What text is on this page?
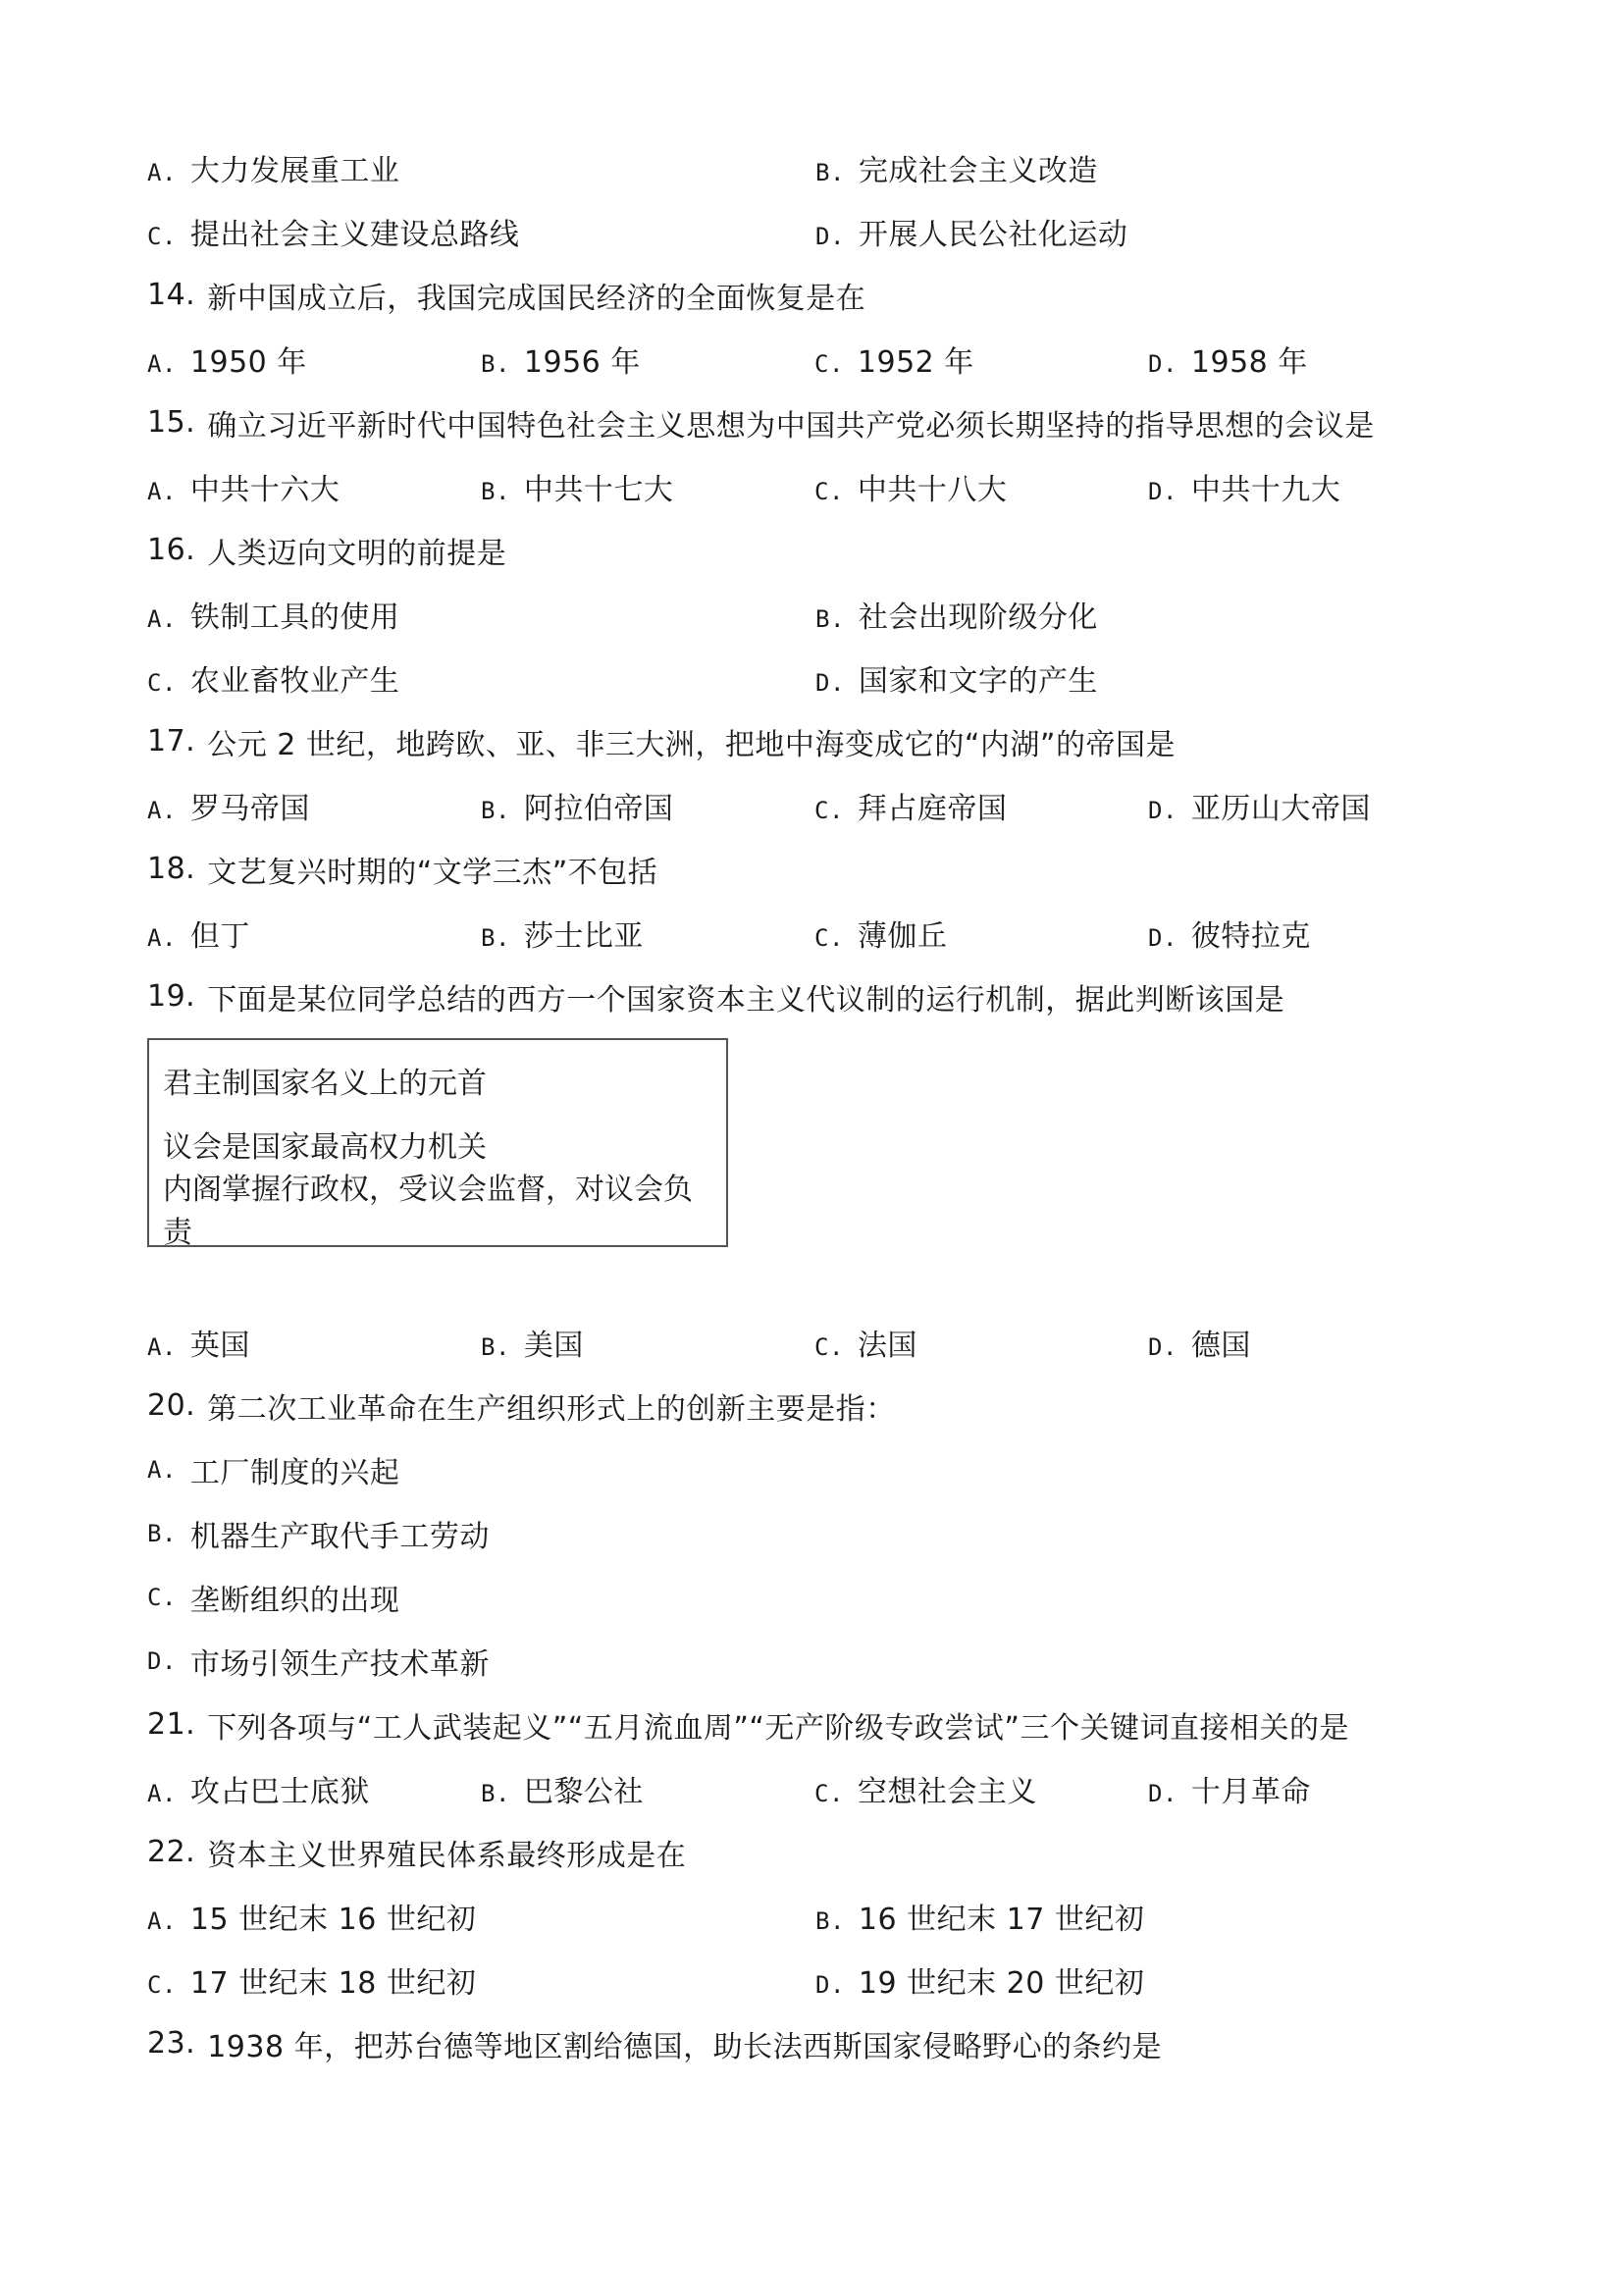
A. 大力发展重工业	B. 完成社会主义改造
C. 提出社会主义建设总路线	D. 开展人民公社化运动
14. 新中国成立后，我国完成国民经济的全面恢复是在
A. 1950 年	B. 1956 年	C. 1952 年	D. 1958 年
15. 确立习近平新时代中国特色社会主义思想为中国共产党必须长期坚持的指导思想的会议是
A. 中共十六大	B. 中共十七大	C. 中共十八大	D. 中共十九大
16. 人类迈向文明的前提是
A. 铁制工具的使用	B. 社会出现阶级分化
C. 农业畜牧业产生	D. 国家和文字的产生
17. 公元 2 世纪，地跨欧、亚、非三大洲，把地中海变成它的“内湖”的帝国是
A. 罗马帝国	B. 阿拉伯帝国	C. 拜占庭帝国	D. 亚历山大帝国
18. 文艺复兴时期的“文学三杰”不包括
A. 但丁	B. 莎士比亚	C. 薄伽丘	D. 彼特拉克
19. 下面是某位同学总结的西方一个国家资本主义代议制的运行机制，据此判断该国是
君主制国家名义上的元首
议会是国家最高权力机关
内阁掌握行政权，受议会监督，对议会负责
A. 英国	B. 美国	C. 法国	D. 德国
20. 第二次工业革命在生产组织形式上的创新主要是指：
A. 工厂制度的兴起
B. 机器生产取代手工劳动
C. 垄断组织的出现
D. 市场引领生产技术革新
21. 下列各项与“工人武装起义”“五月流血周”“无产阶级专政尝试”三个关键词直接相关的是
A. 攻占巴士底狱	B. 巴黎公社	C. 空想社会主义	D. 十月革命
22. 资本主义世界殖民体系最终形成是在
A. 15 世纪末 16 世纪初	B. 16 世纪末 17 世纪初
C. 17 世纪末 18 世纪初	D. 19 世纪末 20 世纪初
23. 1938 年，把苏台德等地区割给德国，助长法西斯国家侵略野心的条约是
